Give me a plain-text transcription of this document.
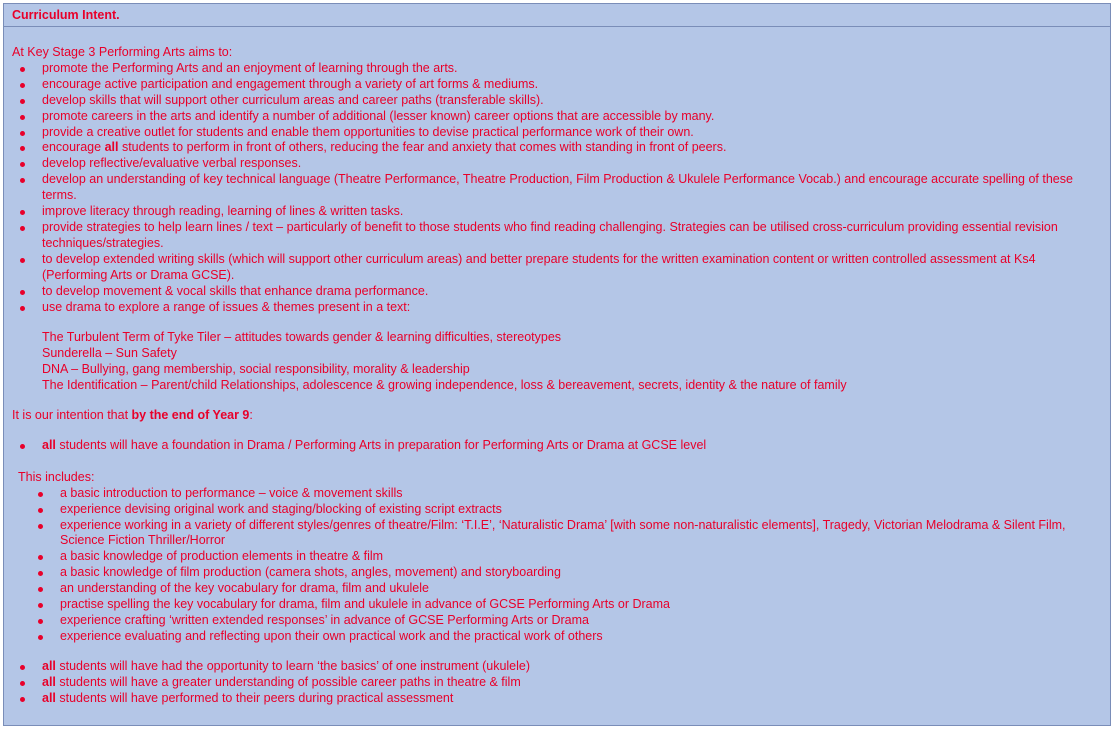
Curriculum Intent.

At Key Stage 3 Performing Arts aims to:

promote the Performing Arts and an enjoyment of learning through the arts.
encourage active participation and engagement through a variety of art forms & mediums.
develop skills that will support other curriculum areas and career paths (transferable skills).
promote careers in the arts and identify a number of additional (lesser known) career options that are accessible by many.
provide a creative outlet for students and enable them opportunities to devise practical performance work of their own.
encourage all students to perform in front of others, reducing the fear and anxiety that comes with standing in front of peers.
develop reflective/evaluative verbal responses.
develop an understanding of key technical language (Theatre Performance, Theatre Production, Film Production & Ukulele Performance Vocab.) and encourage accurate spelling of these terms.
improve literacy through reading, learning of lines & written tasks.
provide strategies to help learn lines / text – particularly of benefit to those students who find reading challenging. Strategies can be utilised cross-curriculum providing essential revision techniques/strategies.
to develop extended writing skills (which will support other curriculum areas) and better prepare students for the written examination content or written controlled assessment at Ks4 (Performing Arts or Drama GCSE).
to develop movement & vocal skills that enhance drama performance.
use drama to explore a range of issues & themes present in a text:
The Turbulent Term of Tyke Tiler – attitudes towards gender & learning difficulties, stereotypes
Sunderella – Sun Safety
DNA – Bullying, gang membership, social responsibility, morality & leadership
The Identification – Parent/child Relationships, adolescence & growing independence, loss & bereavement, secrets, identity & the nature of family

It is our intention that by the end of Year 9:

all students will have a foundation in Drama / Performing Arts in preparation for Performing Arts or Drama at GCSE level

This includes:

a basic introduction to performance – voice & movement skills
experience devising original work and staging/blocking of existing script extracts
experience working in a variety of different styles/genres of theatre/Film: ‘T.I.E’, ‘Naturalistic Drama’ [with some non-naturalistic elements], Tragedy, Victorian Melodrama & Silent Film, Science Fiction Thriller/Horror
a basic knowledge of production elements in theatre & film
a basic knowledge of film production (camera shots, angles, movement) and storyboarding
an understanding of the key vocabulary for drama, film and ukulele
practise spelling the key vocabulary for drama, film and ukulele in advance of GCSE Performing Arts or Drama
experience crafting ‘written extended responses’ in advance of GCSE Performing Arts or Drama
experience evaluating and reflecting upon their own practical work and the practical work of others
all students will have had the opportunity to learn ‘the basics’ of one instrument (ukulele)
all students will have a greater understanding of possible career paths in theatre & film
all students will have performed to their peers during practical assessment
